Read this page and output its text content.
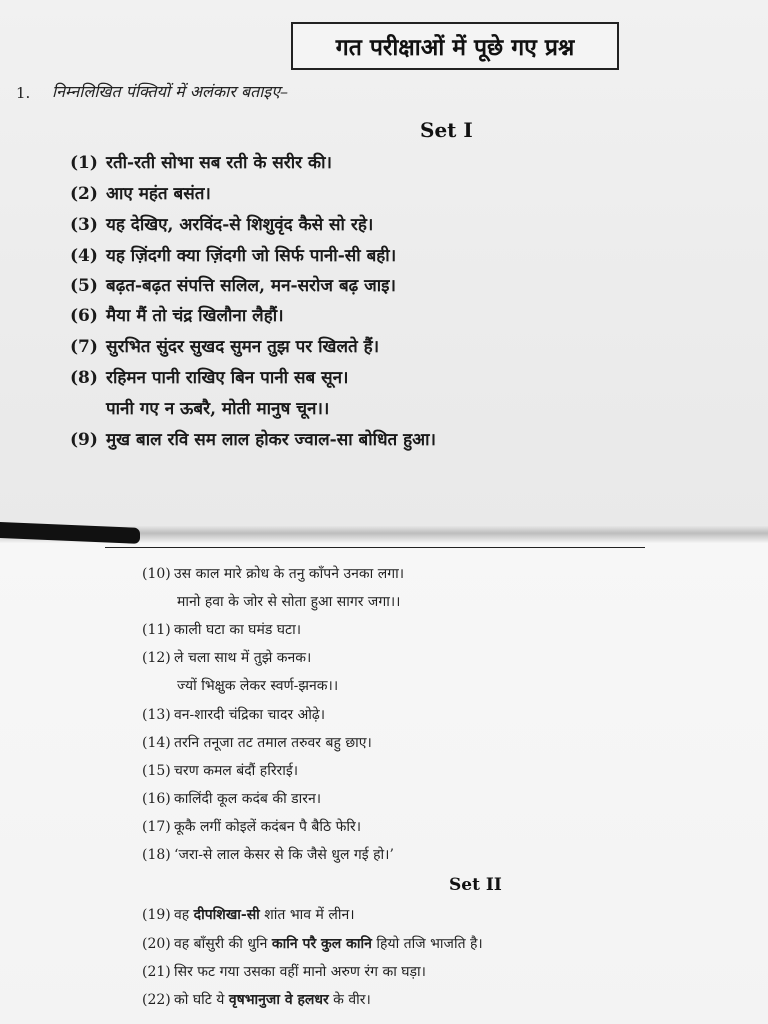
गत परीक्षाओं में पूछे गए प्रश्न
1. निम्नलिखित पंक्तियों में अलंकार बताइए–
Set I
(1) रती-रती सोभा सब रती के सरीर की।
(2) आए महंत बसंत।
(3) यह देखिए, अरविंद-से शिशुवृंद कैसे सो रहे।
(4) यह ज़िंदगी क्या ज़िंदगी जो सिर्फ पानी-सी बही।
(5) बढ़त-बढ़त संपत्ति सलिल, मन-सरोज बढ़ जाइ।
(6) मैया मैं तो चंद्र खिलौना लैहौं।
(7) सुरभित सुंदर सुखद सुमन तुझ पर खिलते हैं।
(8) रहिमन पानी राखिए बिन पानी सब सून।
पानी गए न ऊबरै, मोती मानुष चून।।
(9) मुख बाल रवि सम लाल होकर ज्वाल-सा बोधित हुआ।
(10) उस काल मारे क्रोध के तनु काँपने उनका लगा।
मानो हवा के जोर से सोता हुआ सागर जगा।।
(11) काली घटा का घमंड घटा।
(12) ले चला साथ में तुझे कनक।
ज्यों भिक्षुक लेकर स्वर्ण-झनक।।
(13) वन-शारदी चंद्रिका चादर ओढ़े।
(14) तरनि तनूजा तट तमाल तरुवर बहु छाए।
(15) चरण कमल बंदौं हरिराई।
(16) कालिंदी कूल कदंब की डारन।
(17) कूकै लगीं कोइलें कदंबन पै बैठि फेरि।
(18) ‘जरा-से लाल केसर से कि जैसे धुल गई हो।’
Set II
(19) वह दीपशिखा-सी शांत भाव में लीन।
(20) वह बाँसुरी की धुनि कानि परै कुल कानि हियो तजि भाजति है।
(21) सिर फट गया उसका वहीं मानो अरुण रंग का घड़ा।
(22) को घटि ये वृषभानुजा वे हलधर के वीर।
